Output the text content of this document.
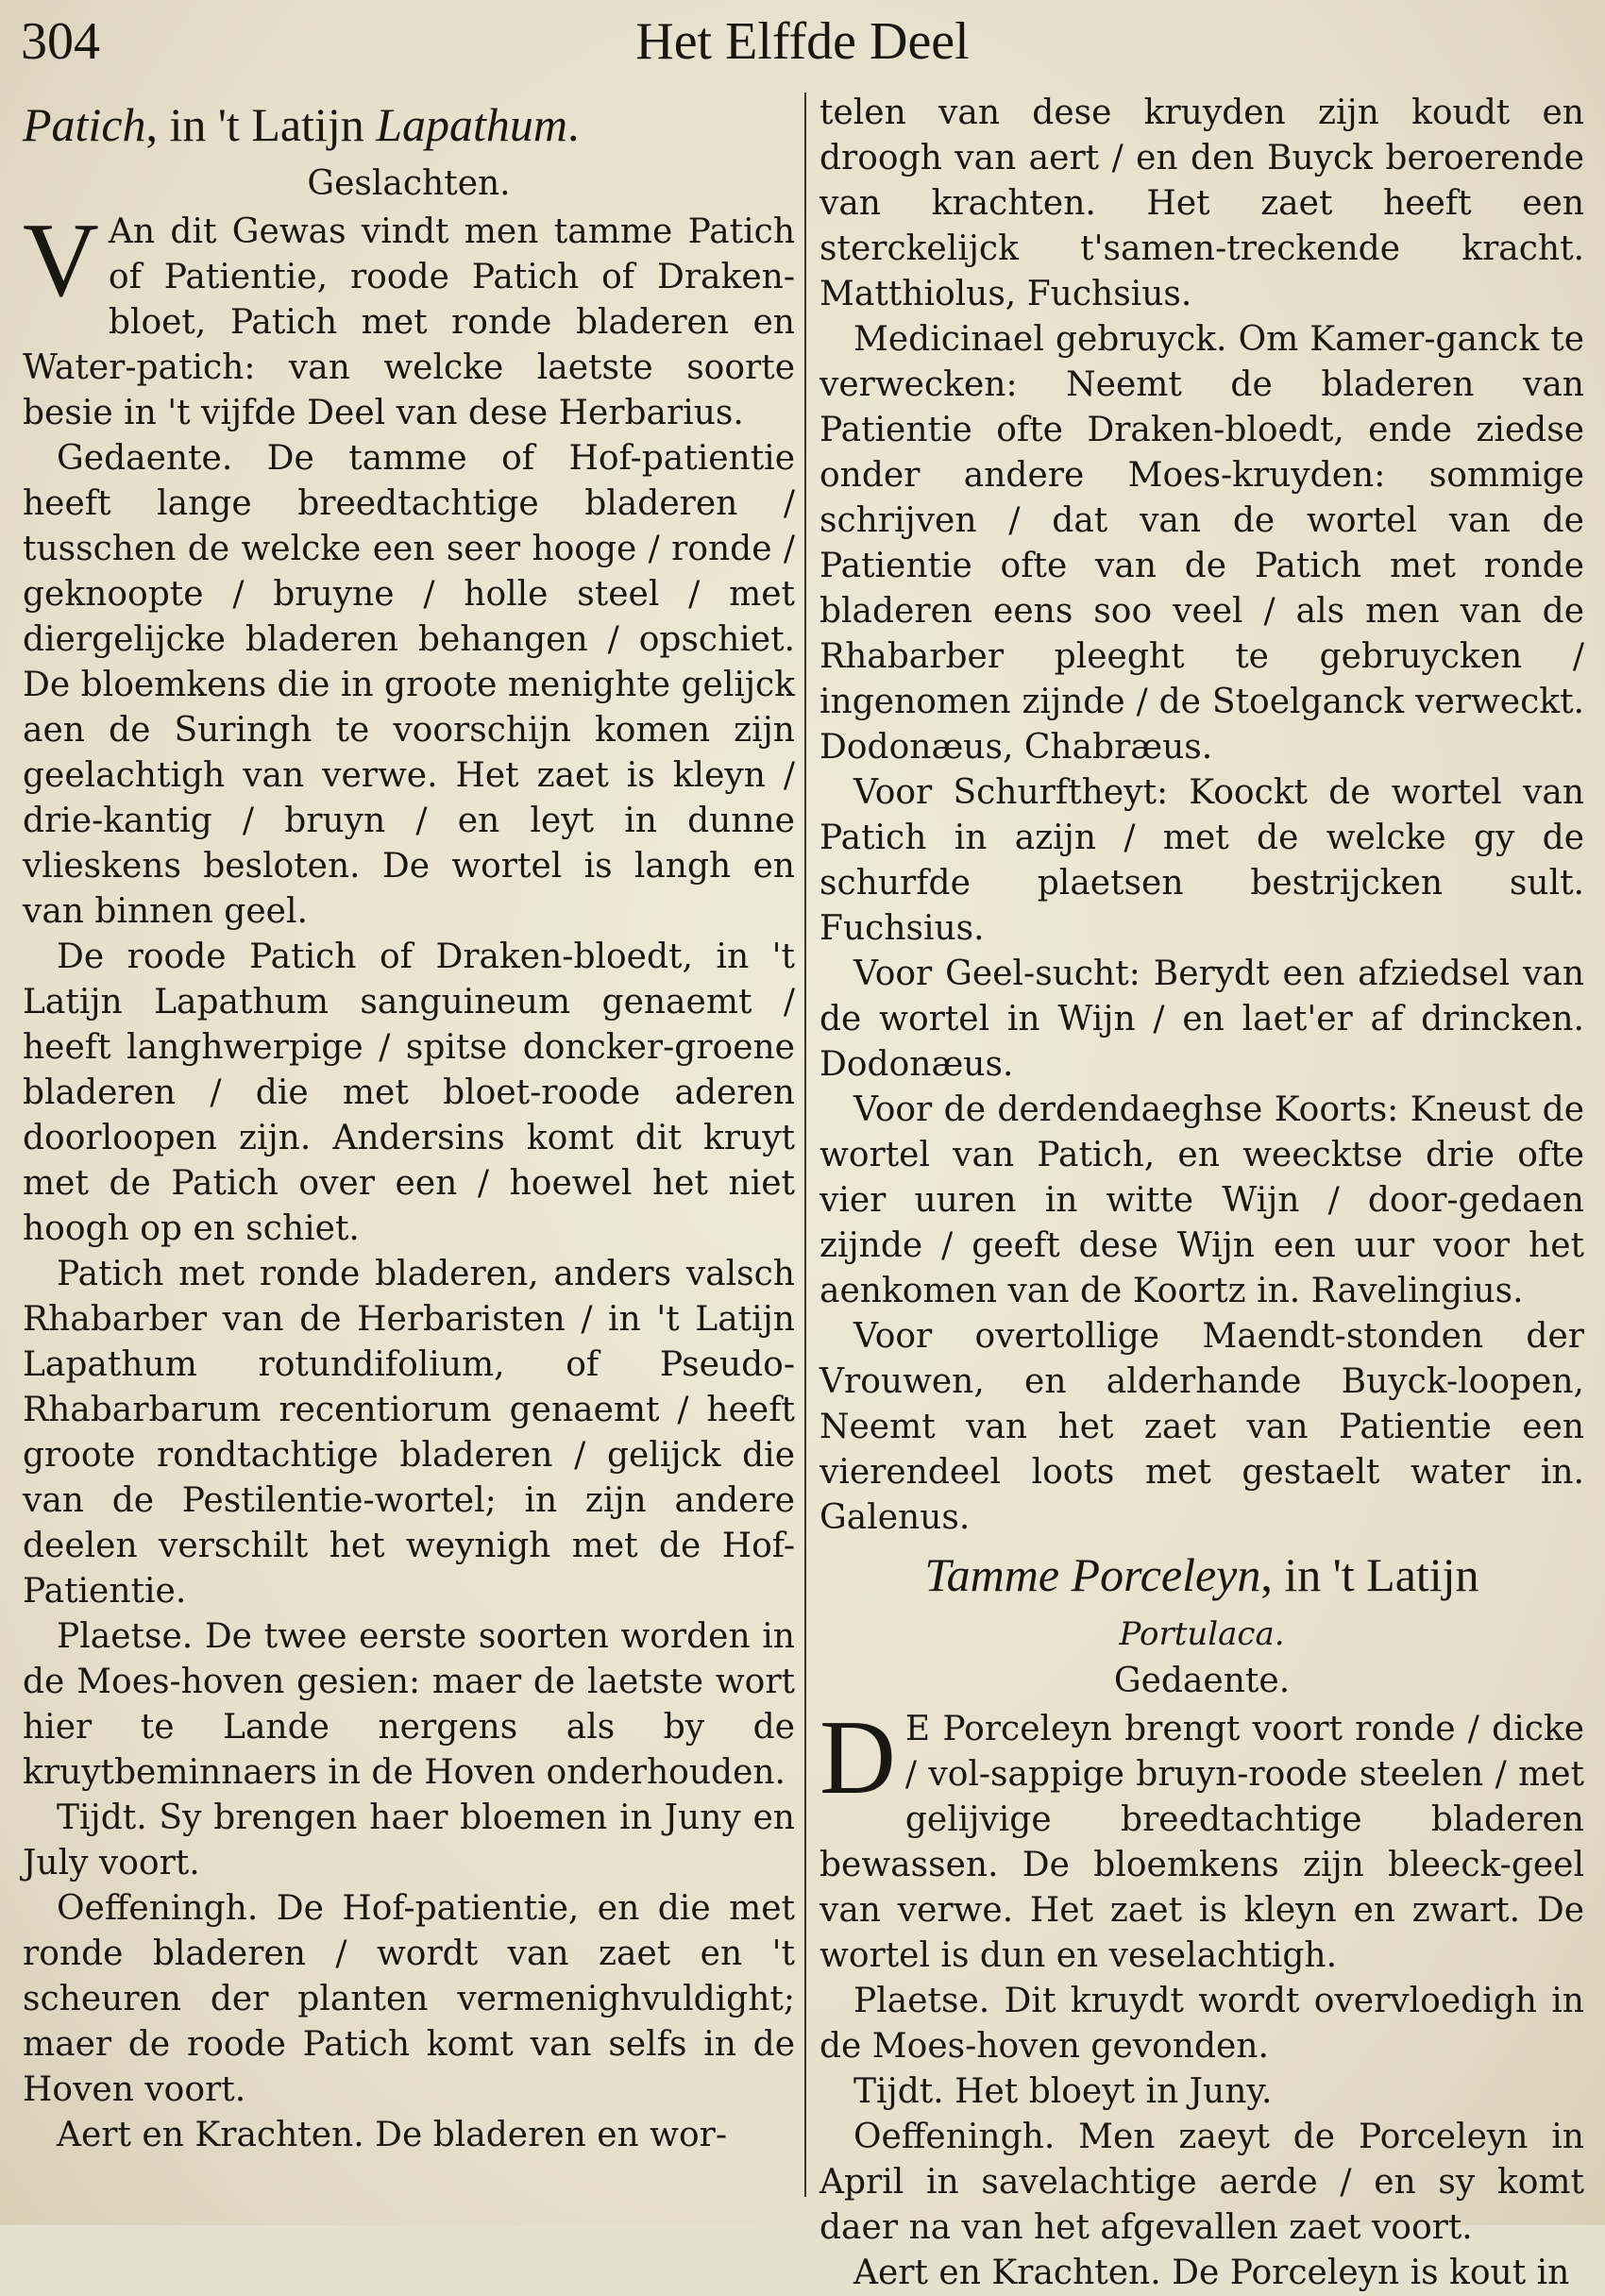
304	Het Elffde Deel
Patich, in 't Latijn Lapathum.
Geslachten.

V An dit Gewas vindt men tamme Patich of Patientie, roode Patich of Draken-bloet, Patich met ronde bladeren en Water-patich: van welcke laetste soorte besie in 't vijfde Deel van dese Herbarius.

Gedaente. De tamme of Hof-patientie heeft lange breedtachtige bladeren / tusschen de welcke een seer hooge / ronde / geknoopte / bruyne / holle steel / met diergelijcke bladeren behangen / opschiet. De bloemkens die in groote menighte gelijck aen de Suringh te voorschijn komen zijn geelachtigh van verwe. Het zaet is kleyn / drie-kantig / bruyn / en leyt in dunne vlieskens besloten. De wortel is langh en van binnen geel.

De roode Patich of Draken-bloedt, in 't Latijn Lapathum sanguineum genaemt / heeft langhwerpige / spitse doncker-groene bladeren / die met bloet-roode aderen doorloopen zijn. Andersins komt dit kruyt met de Patich over een / hoewel het niet hoogh op en schiet.

Patich met ronde bladeren, anders valsch Rhabarber van de Herbaristen / in 't Latijn Lapathum rotundifolium, of Pseudo-Rhabarbarum recentiorum genaemt / heeft groote rondtachtige bladeren / gelijck die van de Pestilentie-wortel; in zijn andere deelen verschilt het weynigh met de Hof-Patientie.

Plaetse. De twee eerste soorten worden in de Moes-hoven gesien: maer de laetste wort hier te Lande nergens als by de kruytbeminnaers in de Hoven onderhouden.

Tijdt. Sy brengen haer bloemen in Juny en July voort.

Oeffeningh. De Hof-patientie, en die met ronde bladeren / wordt van zaet en 't scheuren der planten vermenighvuldight; maer de roode Patich komt van selfs in de Hoven voort.

Aert en Krachten. De bladeren en wor-

telen van dese kruyden zijn koudt en droogh van aert / en den Buyck beroerende van krachten. Het zaet heeft een sterckelijck t'samen-treckende kracht. Matthiolus, Fuchsius.

Medicinael gebruyck. Om Kamer-ganck te verwecken: Neemt de bladeren van Patientie ofte Draken-bloedt, ende ziedse onder andere Moes-kruyden: sommige schrijven / dat van de wortel van de Patientie ofte van de Patich met ronde bladeren eens soo veel / als men van de Rhabarber pleeght te gebruycken / ingenomen zijnde / de Stoelganck verweckt. Dodonæus, Chabræus.

Voor Schurftheyt: Koockt de wortel van Patich in azijn / met de welcke gy de schurfde plaetsen bestrijcken sult. Fuchsius.

Voor Geel-sucht: Berydt een afziedsel van de wortel in Wijn / en laet'er af drincken. Dodonæus.

Voor de derdendaeghse Koorts: Kneust de wortel van Patich, en weecktse drie ofte vier uuren in witte Wijn / door-gedaen zijnde / geeft dese Wijn een uur voor het aenkomen van de Koortz in. Ravelingius.

Voor overtollige Maendt-stonden der Vrouwen, en alderhande Buyck-loopen, Neemt van het zaet van Patientie een vierendeel loots met gestaelt water in. Galenus.

Tamme Porceleyn, in 't Latijn
Portulaca.
Gedaente.

D E Porceleyn brengt voort ronde / dicke / vol-sappige bruyn-roode steelen / met gelijvige breedtachtige bladeren bewassen. De bloemkens zijn bleeck-geel van verwe. Het zaet is kleyn en zwart. De wortel is dun en veselachtigh.

Plaetse. Dit kruydt wordt overvloedigh in de Moes-hoven gevonden.

Tijdt. Het bloeyt in Juny.

Oeffeningh. Men zaeyt de Porceleyn in April in savelachtige aerde / en sy komt daer na van het afgevallen zaet voort.

Aert en Krachten. De Porceleyn is kout in
